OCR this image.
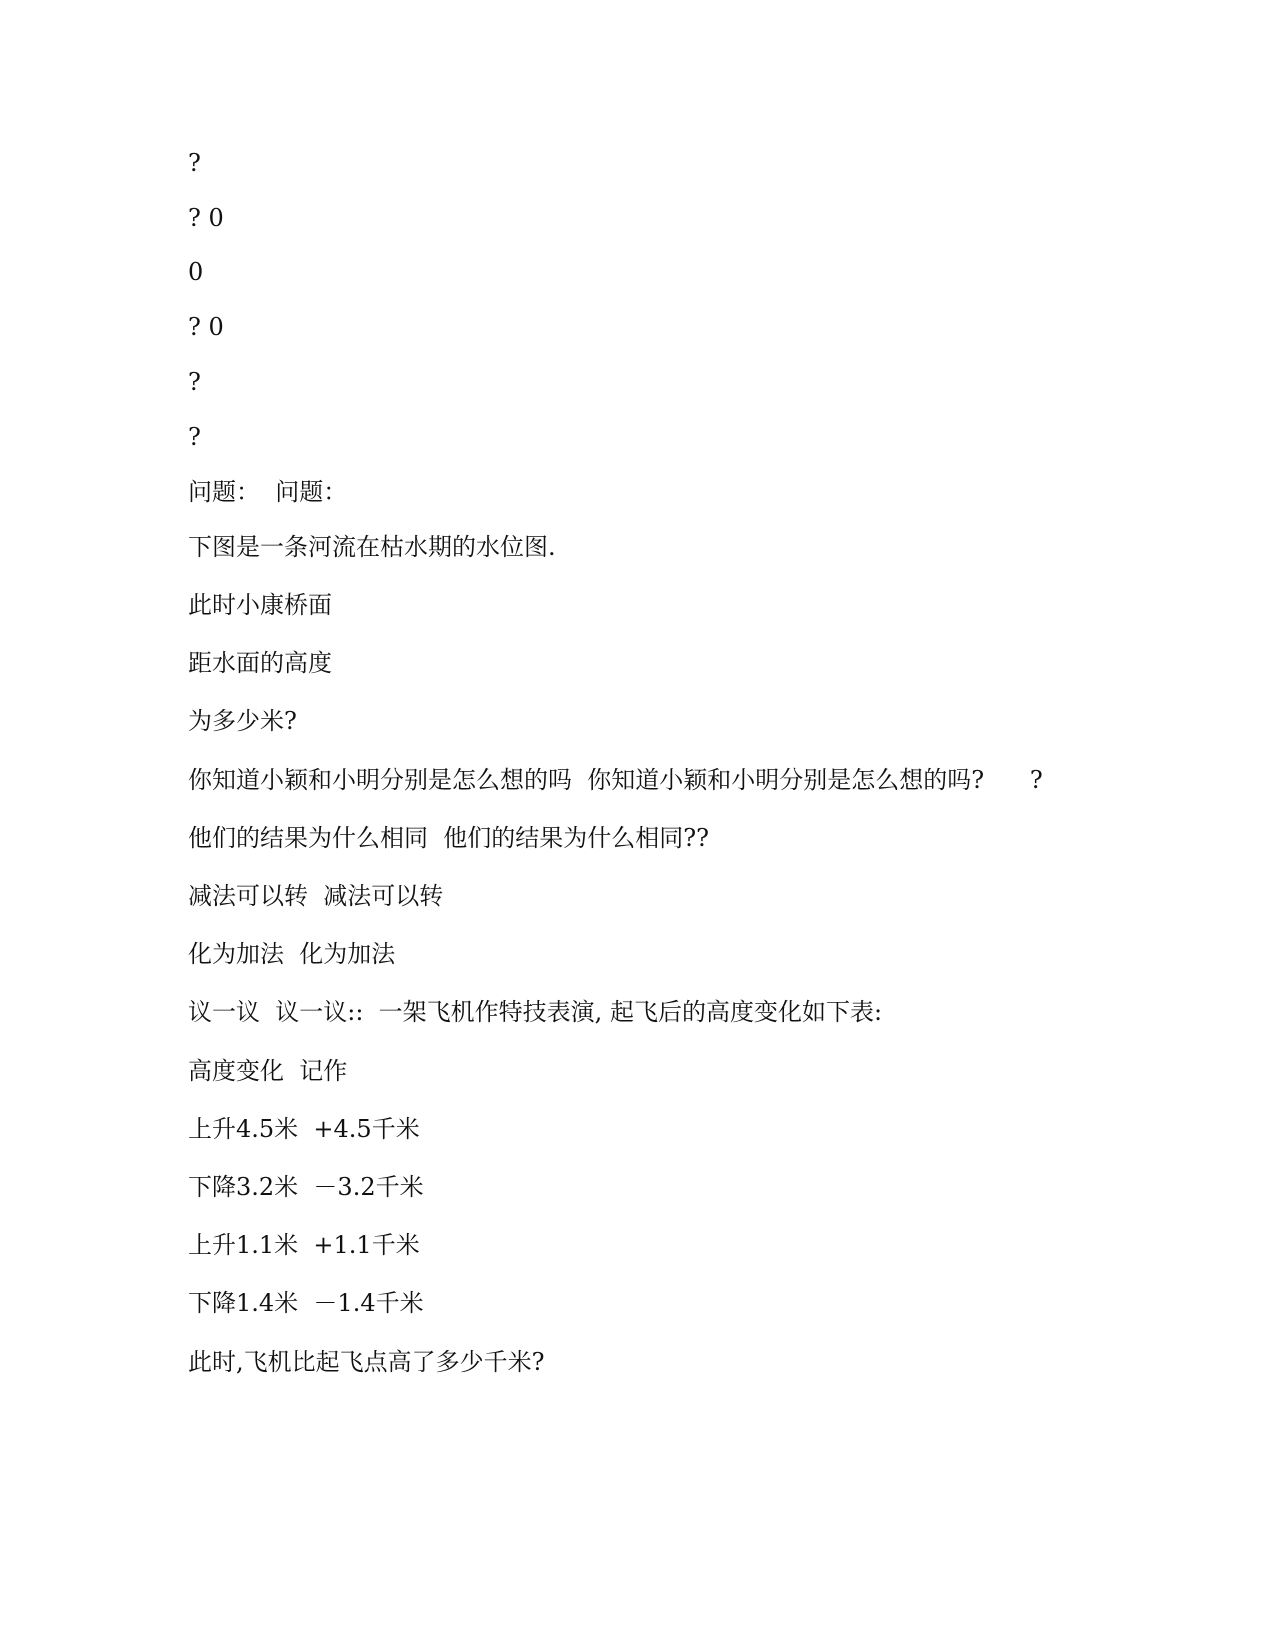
?
? 0
0
? 0
?
?
问题：  问题：
下图是一条河流在枯水期的水位图.
此时小康桥面
距水面的高度
为多少米?
你知道小颖和小明分别是怎么想的吗  你知道小颖和小明分别是怎么想的吗?      ?
他们的结果为什么相同  他们的结果为什么相同??
减法可以转  减法可以转
化为加法  化为加法
议一议  议一议::  一架飞机作特技表演, 起飞后的高度变化如下表:
高度变化  记作
上升4.5米  +4.5千米
下降3.2米  －3.2千米
上升1.1米  +1.1千米
下降1.4米  －1.4千米
此时,飞机比起飞点高了多少千米?
